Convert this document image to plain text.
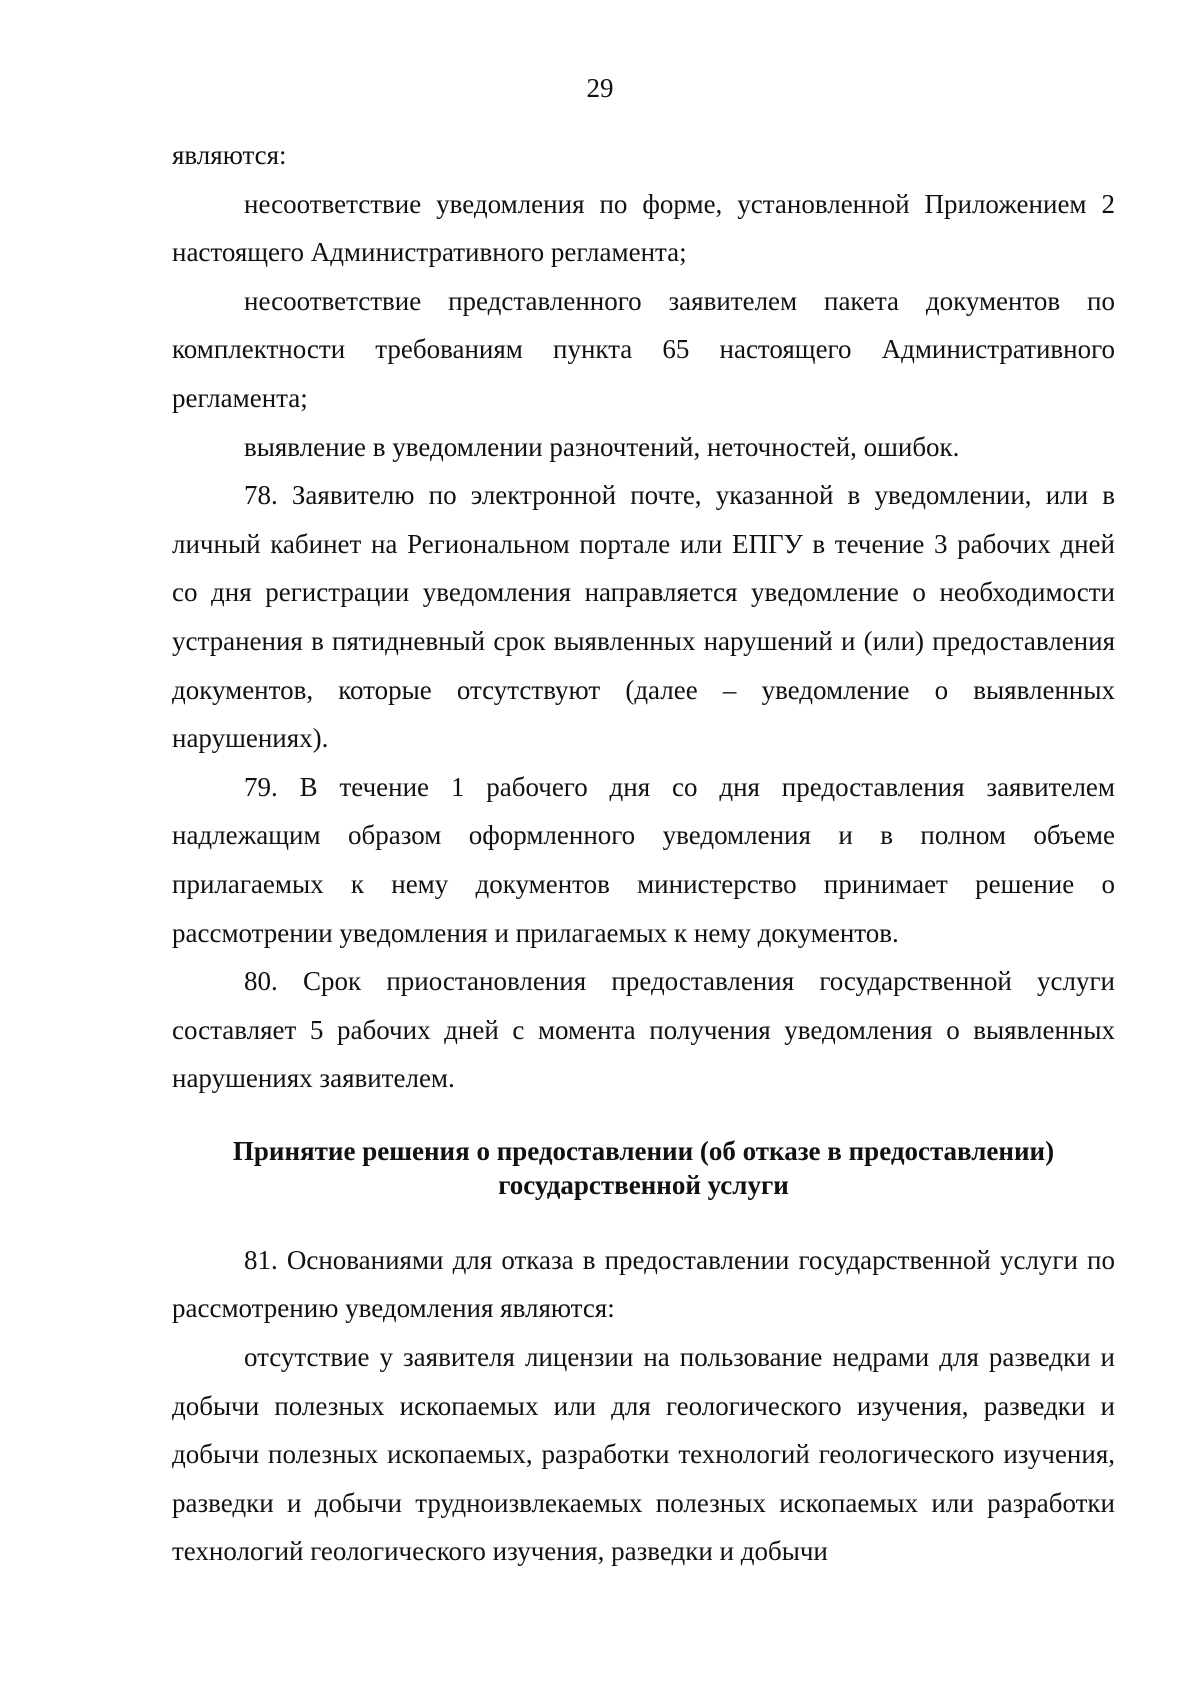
29

являются:

несоответствие уведомления по форме, установленной Приложением 2 настоящего Административного регламента;

несоответствие представленного заявителем пакета документов по комплектности требованиям пункта 65 настоящего Административного регламента;

выявление в уведомлении разночтений, неточностей, ошибок.

78. Заявителю по электронной почте, указанной в уведомлении, или в личный кабинет на Региональном портале или ЕПГУ в течение 3 рабочих дней со дня регистрации уведомления направляется уведомление о необходимости устранения в пятидневный срок выявленных нарушений и (или) предоставления документов, которые отсутствуют (далее – уведомление о выявленных нарушениях).

79. В течение 1 рабочего дня со дня предоставления заявителем надлежащим образом оформленного уведомления и в полном объеме прилагаемых к нему документов министерство принимает решение о рассмотрении уведомления и прилагаемых к нему документов.

80. Срок приостановления предоставления государственной услуги составляет 5 рабочих дней с момента получения уведомления о выявленных нарушениях заявителем.

Принятие решения о предоставлении (об отказе в предоставлении)
государственной услуги

81. Основаниями для отказа в предоставлении государственной услуги по рассмотрению уведомления являются:

отсутствие у заявителя лицензии на пользование недрами для разведки и добычи полезных ископаемых или для геологического изучения, разведки и добычи полезных ископаемых, разработки технологий геологического изучения, разведки и добычи трудноизвлекаемых полезных ископаемых или разработки технологий геологического изучения, разведки и добычи
